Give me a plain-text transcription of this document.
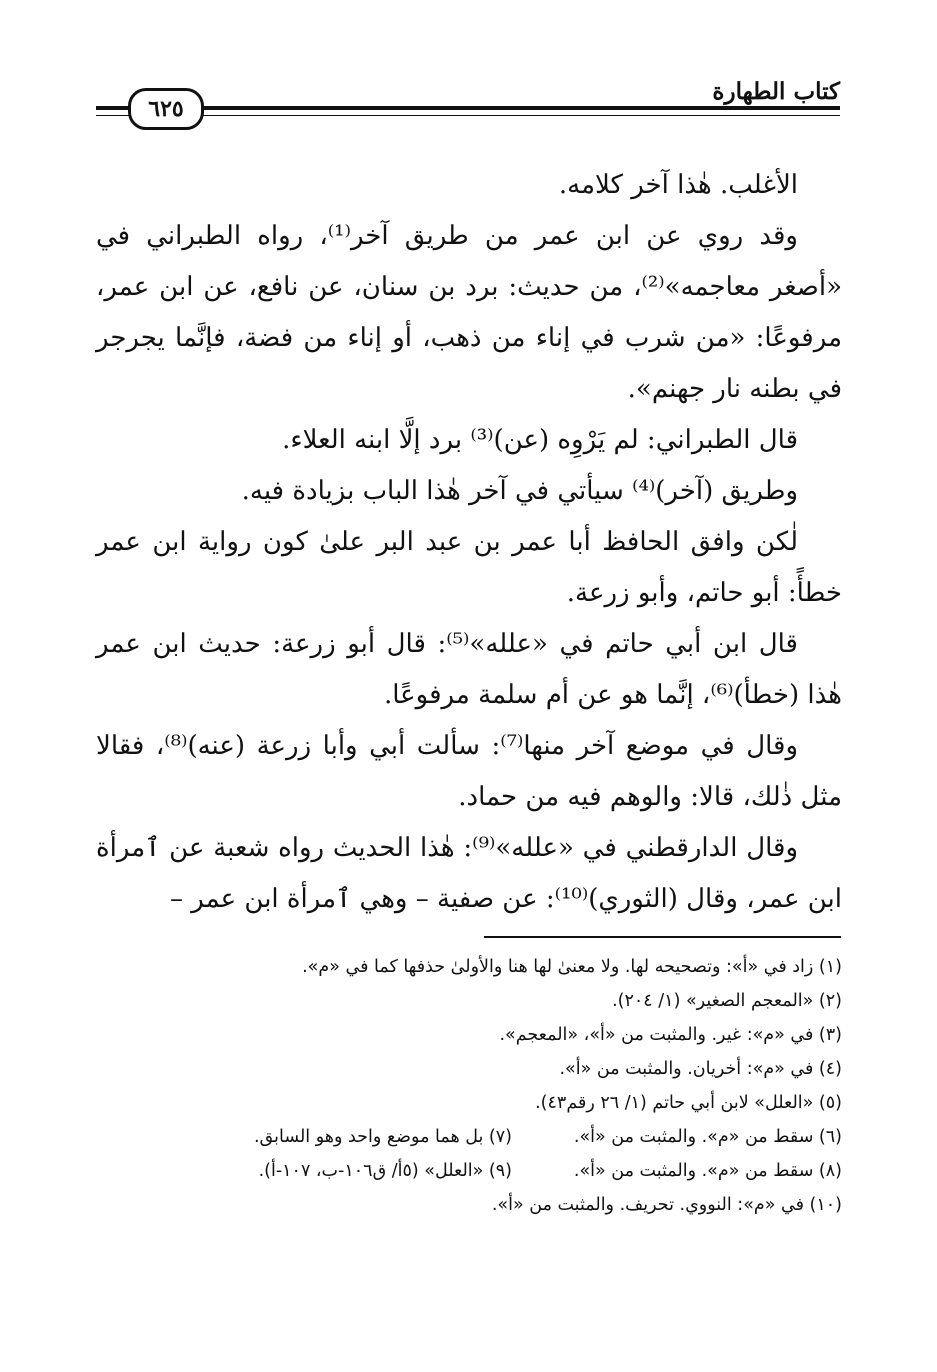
كتاب الطهارة
٦٢٥

الأغلب. هٰذا آخر كلامه.

وقد روي عن ابن عمر من طريق آخر⁽¹⁾، رواه الطبراني في «أصغر معاجمه»⁽²⁾، من حديث: برد بن سنان، عن نافع، عن ابن عمر، مرفوعًا: «من شرب في إناء من ذهب، أو إناء من فضة، فإنَّما يجرجر في بطنه نار جهنم».

قال الطبراني: لم يَرْوِه (عن)⁽³⁾ برد إلَّا ابنه العلاء.

وطريق (آخر)⁽⁴⁾ سيأتي في آخر هٰذا الباب بزيادة فيه.

لٰكن وافق الحافظ أبا عمر بن عبد البر علىٰ كون رواية ابن عمر خطأً: أبو حاتم، وأبو زرعة.

قال ابن أبي حاتم في «علله»⁽⁵⁾: قال أبو زرعة: حديث ابن عمر هٰذا (خطأ)⁽⁶⁾، إنَّما هو عن أم سلمة مرفوعًا.

وقال في موضع آخر منها⁽⁷⁾: سألت أبي وأبا زرعة (عنه)⁽⁸⁾، فقالا مثل ذٰلك، قالا: والوهم فيه من حماد.

وقال الدارقطني في «علله»⁽⁹⁾: هٰذا الحديث رواه شعبة عن ٱمرأة ابن عمر، وقال (الثوري)⁽¹⁰⁾: عن صفية – وهي ٱمرأة ابن عمر –

(١) زاد في «أ»: وتصحيحه لها. ولا معنىٰ لها هنا والأولىٰ حذفها كما في «م».

(٢) «المعجم الصغير» (١/ ٢٠٤).

(٣) في «م»: غير. والمثبت من «أ»، «المعجم».

(٤) في «م»: أخريان. والمثبت من «أ».

(٥) «العلل» لابن أبي حاتم (١/ ٢٦ رقم٤٣).

(٦) سقط من «م». والمثبت من «أ».
(٧) بل هما موضع واحد وهو السابق.
(٨) سقط من «م». والمثبت من «أ».
(٩) «العلل» (٥أ/ ق١٠٦-ب، ١٠٧-أ).

(١٠) في «م»: النووي. تحريف. والمثبت من «أ».
